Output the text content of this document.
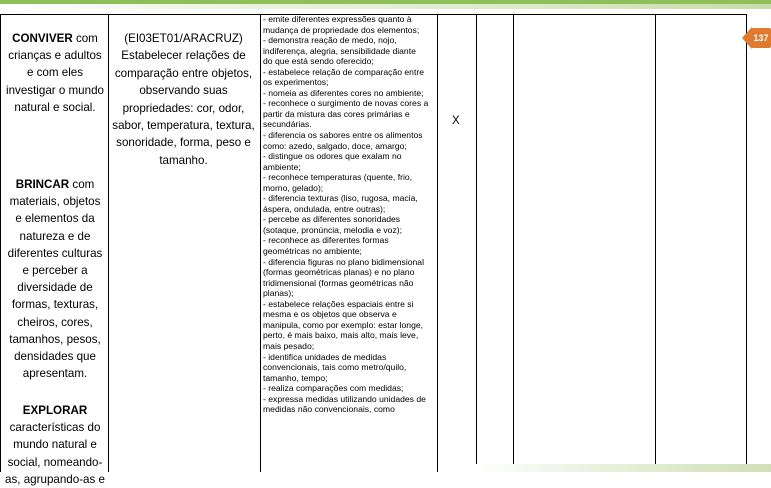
CONVIVER com
crianças e adultos
e com eles
investigar o mundo
natural e social.
BRINCAR com
materiais, objetos
e elementos da
natureza e de
diferentes culturas
e perceber a
diversidade de
formas, texturas,
cheiros, cores,
tamanhos, pesos,
densidades que
apresentam.
EXPLORAR
características do
mundo natural e
social, nomeando-
as, agrupando-as e
(EI03ET01/ARACRUZ)
Estabelecer relações de
comparação entre objetos,
observando suas
propriedades: cor, odor,
sabor, temperatura, textura,
sonoridade, forma, peso e
tamanho.
- emite diferentes expressões quanto à
mudança de propriedade dos elementos;
- demonstra reação de medo, nojo,
indiferença, alegria, sensibilidade diante
do que está sendo oferecido;
- estabelece relação de comparação entre
os experimentos;
- nomeia as diferentes cores no ambiente;
- reconhece o surgimento de novas cores a
partir da mistura das cores primárias e
secundárias.
- diferencia os sabores entre os alimentos
como: azedo, salgado, doce, amargo;
- distingue os odores que exalam no
ambiente;
- reconhece temperaturas (quente, frio,
morno, gelado);
- diferencia texturas (liso, rugosa, macia,
áspera, ondulada, entre outras);
- percebe as diferentes sonoridades
(sotaque, pronúncia, melodia e voz);
- reconhece as diferentes formas
geométricas no ambiente;
- diferencia figuras no plano bidimensional
(formas geométricas planas) e no plano
tridimensional (formas geométricas não
planas);
- estabelece relações espaciais entre si
mesma e os objetos que observa e
manipula, como por exemplo: estar longe,
perto, é mais baixo, mais alto, mais leve,
mais pesado;
- identifica unidades de medidas
convencionais, tais como metro/quilo,
tamanho, tempo;
- realiza comparações com medidas;
- expressa medidas utilizando unidades de
medidas não convencionais, como
X
137
